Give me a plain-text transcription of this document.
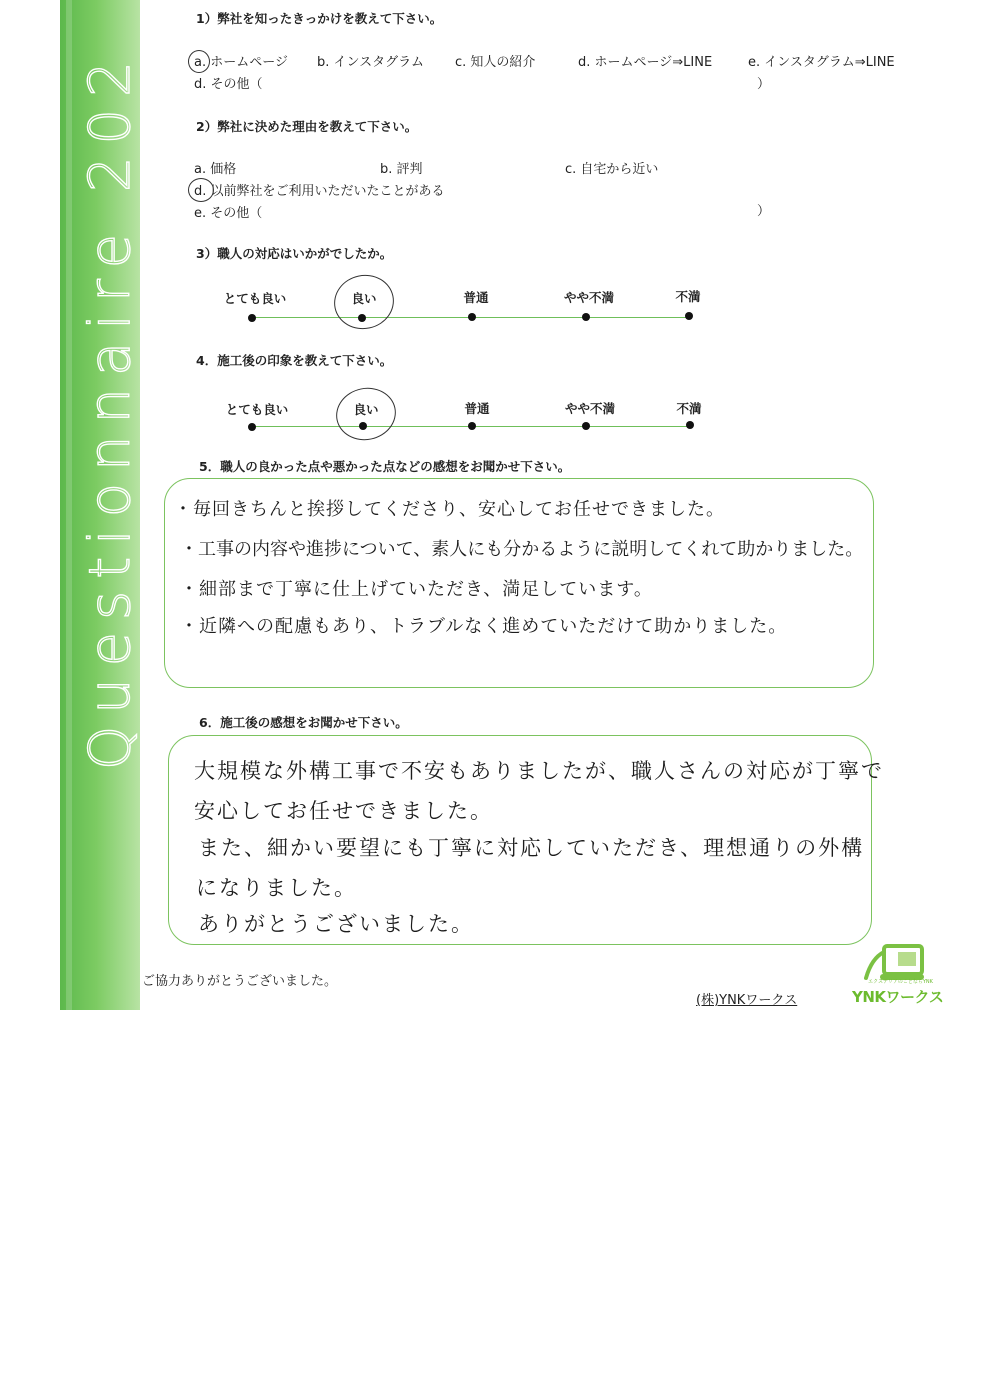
Questionnaire 202
1）弊社を知ったきっかけを教えて下さい。
a. ホームページ b. インスタグラム c. 知人の紹介	d. ホームページ⇒LINE	e. インスタグラム⇒LINE
d. その他（	）
2）弊社に決めた理由を教えて下さい。
a. 価格	b. 評判	c. 自宅から近い
d. 以前弊社をご利用いただいたことがある
e. その他（	）
3）職人の対応はいかがでしたか。
とても良い	良い	普通	やや不満	不満
4．施工後の印象を教えて下さい。
とても良い	良い	普通	やや不満	不満
5．職人の良かった点や悪かった点などの感想をお聞かせ下さい。
・毎回きちんと挨拶してくださり、安心してお任せできました。
・工事の内容や進捗について、素人にも分かるように説明してくれて助かりました。
・細部まで丁寧に仕上げていただき、満足しています。
・近隣への配慮もあり、トラブルなく進めていただけて助かりました。
6．施工後の感想をお聞かせ下さい。
大規模な外構工事で不安もありましたが、職人さんの対応が丁寧で
安心してお任せできました。
また、細かい要望にも丁寧に対応していただき、理想通りの外構
になりました。
ありがとうございました。
ご協力ありがとうございました。
(株)YNKワークス
エクステリアのことならYNK
YNKワークス
